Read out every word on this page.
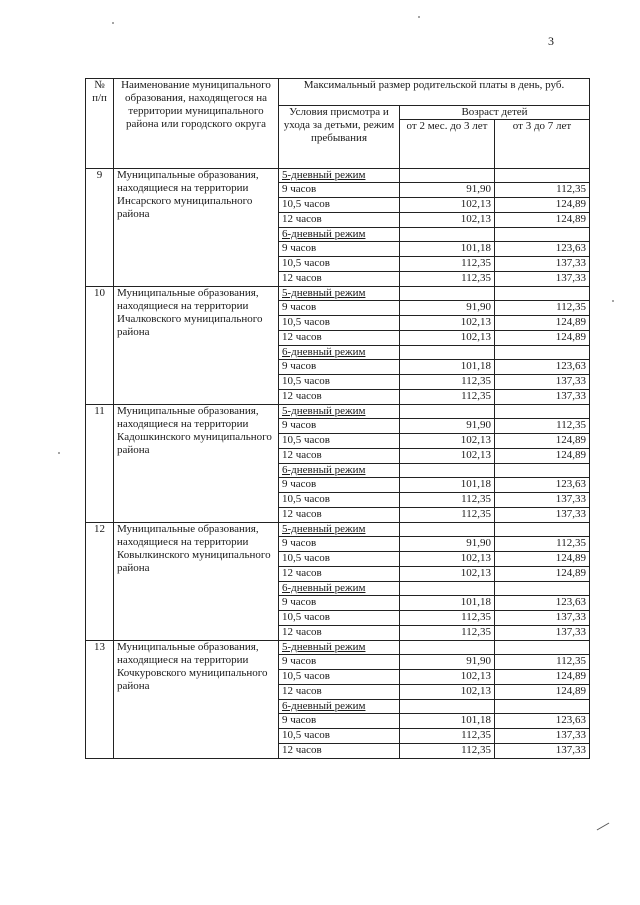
3
№
п/п	Наименование муниципального образования, находящегося на территории муниципального района или городского округа	Максимальный размер родительской платы в день, руб.		
		Условия присмотра и ухода за детьми, режим пребывания	Возраст детей	
			от 2 мес. до 3 лет	от 3 до 7 лет
9	Муниципальные образования, находящиеся на территории Инсарского муниципального района	5-дневный режим		
		9 часов	91,90	112,35
		10,5 часов	102,13	124,89
		12 часов	102,13	124,89
		6-дневный режим		
		9 часов	101,18	123,63
		10,5 часов	112,35	137,33
		12 часов	112,35	137,33
10	Муниципальные образования, находящиеся на территории Ичалковского муниципального района	5-дневный режим		
		9 часов	91,90	112,35
		10,5 часов	102,13	124,89
		12 часов	102,13	124,89
		6-дневный режим		
		9 часов	101,18	123,63
		10,5 часов	112,35	137,33
		12 часов	112,35	137,33
11	Муниципальные образования, находящиеся на территории Кадошкинского муниципального района	5-дневный режим		
		9 часов	91,90	112,35
		10,5 часов	102,13	124,89
		12 часов	102,13	124,89
		6-дневный режим		
		9 часов	101,18	123,63
		10,5 часов	112,35	137,33
		12 часов	112,35	137,33
12	Муниципальные образования, находящиеся на территории Ковылкинского муниципального района	5-дневный режим		
		9 часов	91,90	112,35
		10,5 часов	102,13	124,89
		12 часов	102,13	124,89
		6-дневный режим		
		9 часов	101,18	123,63
		10,5 часов	112,35	137,33
		12 часов	112,35	137,33
13	Муниципальные образования, находящиеся на территории Кочкуровского муниципального района	5-дневный режим		
		9 часов	91,90	112,35
		10,5 часов	102,13	124,89
		12 часов	102,13	124,89
		6-дневный режим		
		9 часов	101,18	123,63
		10,5 часов	112,35	137,33
		12 часов	112,35	137,33
